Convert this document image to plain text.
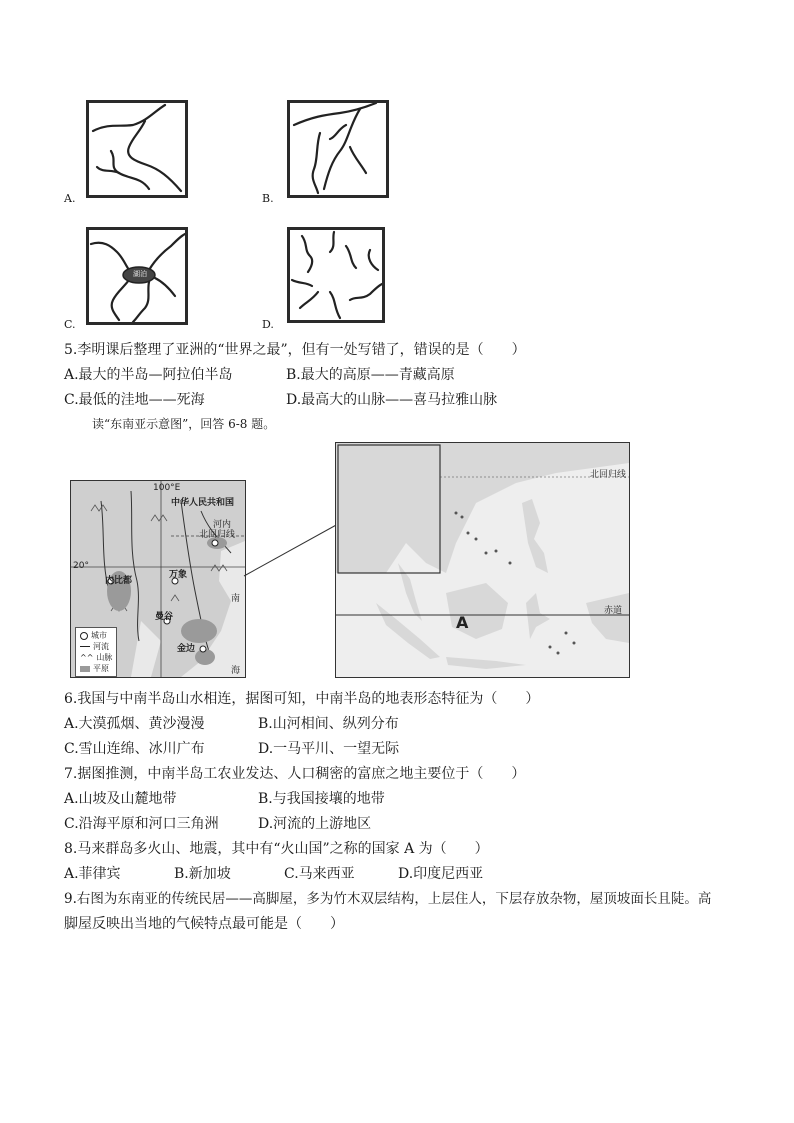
A.	B.
湖泊
C.	D.
5.李明课后整理了亚洲的“世界之最”，但有一处写错了，错误的是（　　）
A.最大的半岛—阿拉伯半岛	B.最大的高原——青藏高原
C.最低的洼地——死海	D.最高大的山脉——喜马拉雅山脉
读“东南亚示意图”，回答 6-8 题。
100°E
中华人民共和国
北回归线
20°
河内
内比都
万象
曼谷
金边
南
海
城市
河流
^^ 山脉
平原
北回归线
赤道
A
6.我国与中南半岛山水相连，据图可知，中南半岛的地表形态特征为（　　）
A.大漠孤烟、黄沙漫漫	B.山河相间、纵列分布
C.雪山连绵、冰川广布	D.一马平川、一望无际
7.据图推测，中南半岛工农业发达、人口稠密的富庶之地主要位于（　　）
A.山坡及山麓地带	B.与我国接壤的地带
C.沿海平原和河口三角洲	D.河流的上游地区
8.马来群岛多火山、地震，其中有“火山国”之称的国家 A 为（　　）
A.菲律宾	B.新加坡	C.马来西亚	D.印度尼西亚
9.右图为东南亚的传统民居——高脚屋，多为竹木双层结构，上层住人，下层存放杂物，屋顶坡面长且陡。高
脚屋反映出当地的气候特点最可能是（　　）
